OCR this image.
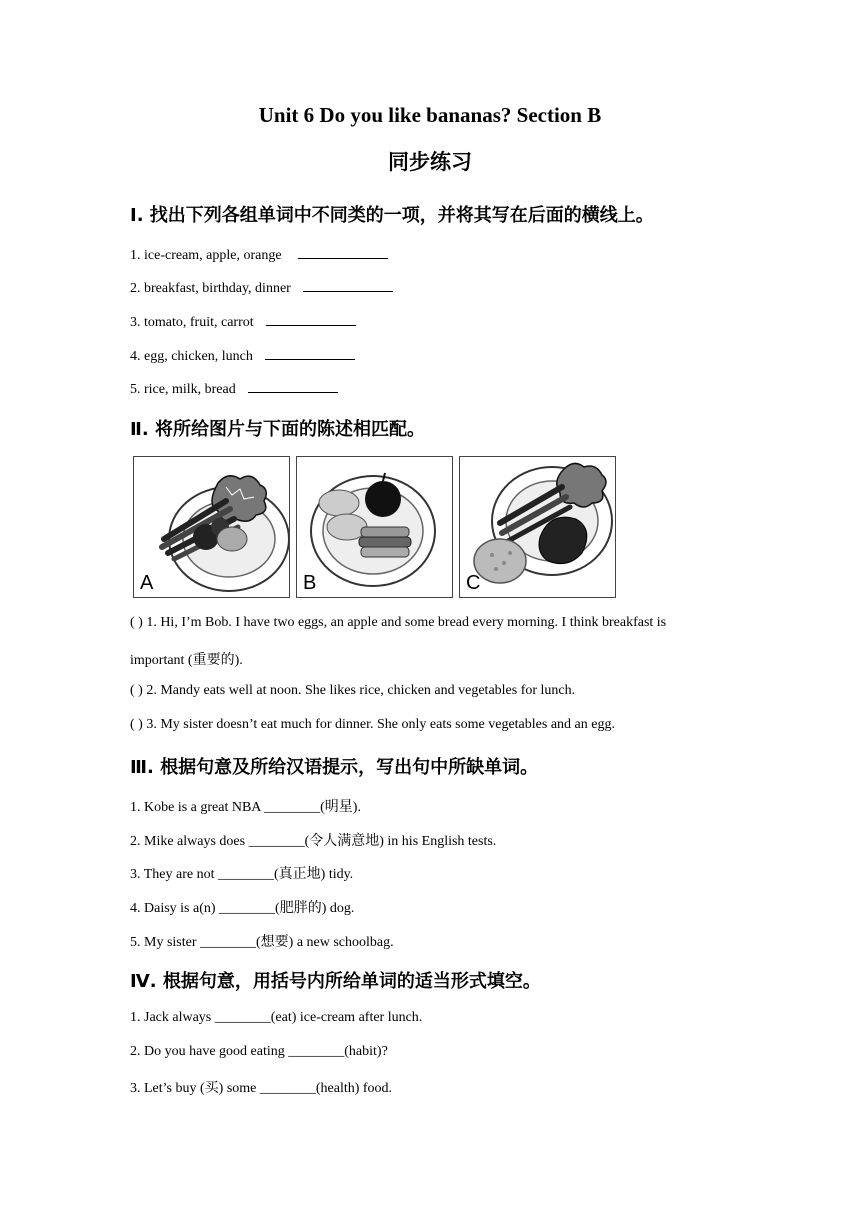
Unit 6 Do you like bananas? Section B
同步练习
Ⅰ. 找出下列各组单词中不同类的一项，并将其写在后面的横线上。
1. ice-cream, apple, orange
2. breakfast, birthday, dinner
3. tomato, fruit, carrot
4. egg, chicken, lunch
5. rice, milk, bread
Ⅱ. 将所给图片与下面的陈述相匹配。
A	B	C
( ) 1. Hi, I’m Bob. I have two eggs, an apple and some bread every morning. I think breakfast is
important (重要的).
( ) 2. Mandy eats well at noon. She likes rice, chicken and vegetables for lunch.
( ) 3. My sister doesn’t eat much for dinner. She only eats some vegetables and an egg.
Ⅲ. 根据句意及所给汉语提示，写出句中所缺单词。
1. Kobe is a great NBA ________(明星).
2. Mike always does ________(令人满意地) in his English tests.
3. They are not ________(真正地) tidy.
4. Daisy is a(n) ________(肥胖的) dog.
5. My sister ________(想要) a new schoolbag.
Ⅳ. 根据句意，用括号内所给单词的适当形式填空。
1. Jack always ________(eat) ice-cream after lunch.
2. Do you have good eating ________(habit)?
3. Let’s buy (买) some ________(health) food.
